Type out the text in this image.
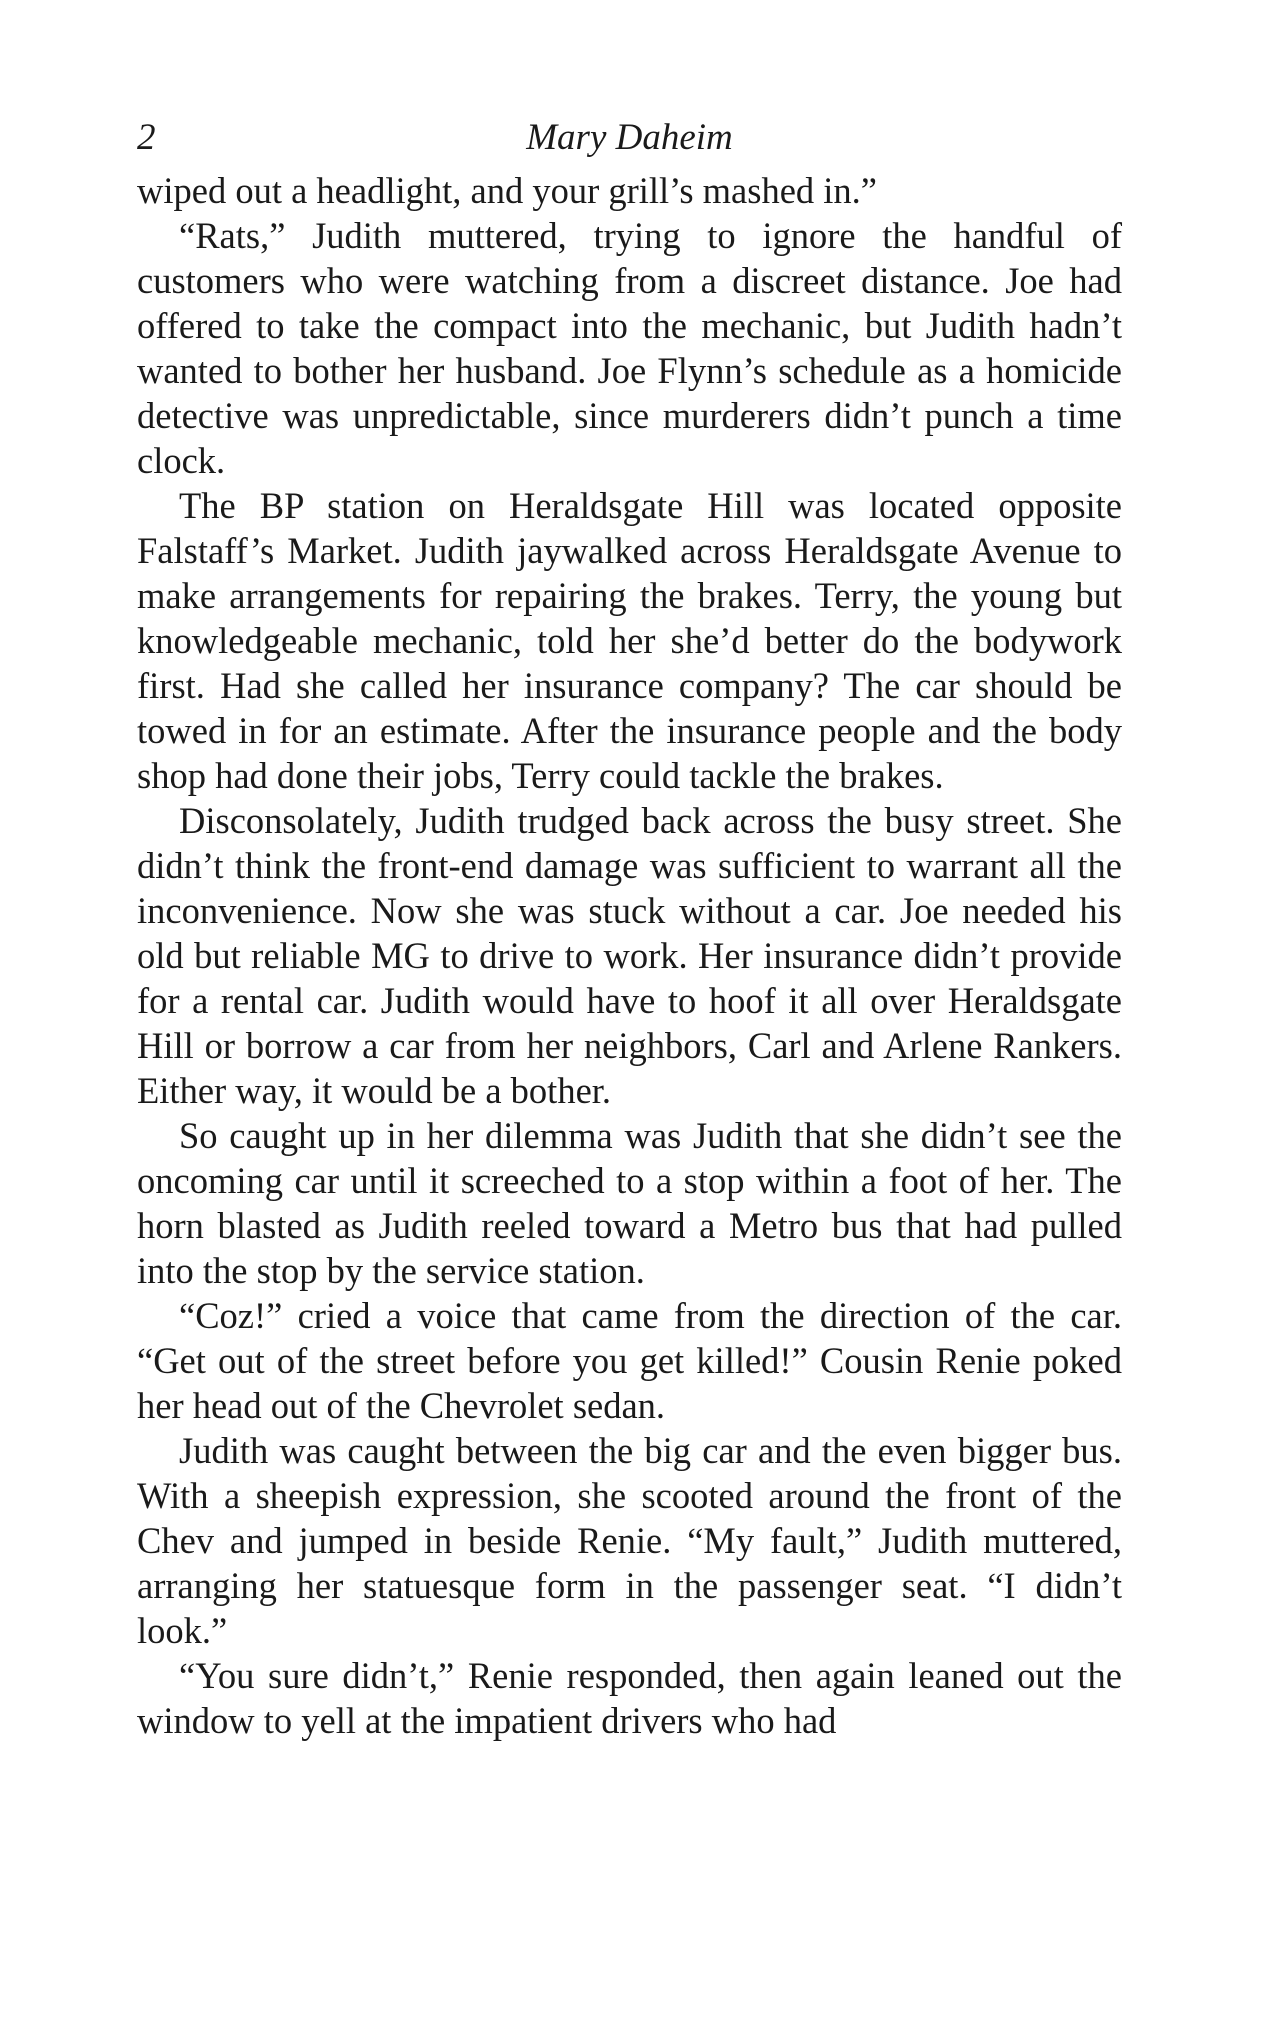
2	Mary Daheim

wiped out a headlight, and your grill’s mashed in.”

“Rats,” Judith muttered, trying to ignore the handful of customers who were watching from a discreet distance. Joe had offered to take the compact into the mechanic, but Judith hadn’t wanted to bother her husband. Joe Flynn’s schedule as a homicide detective was unpredictable, since murderers didn’t punch a time clock.

The BP station on Heraldsgate Hill was located opposite Falstaff’s Market. Judith jaywalked across Heraldsgate Avenue to make arrangements for repairing the brakes. Terry, the young but knowledgeable mechanic, told her she’d better do the bodywork first. Had she called her insurance company? The car should be towed in for an estimate. After the insurance people and the body shop had done their jobs, Terry could tackle the brakes.

Disconsolately, Judith trudged back across the busy street. She didn’t think the front-end damage was sufficient to warrant all the inconvenience. Now she was stuck without a car. Joe needed his old but reliable MG to drive to work. Her insurance didn’t provide for a rental car. Judith would have to hoof it all over Heraldsgate Hill or borrow a car from her neighbors, Carl and Arlene Rankers. Either way, it would be a bother.

So caught up in her dilemma was Judith that she didn’t see the oncoming car until it screeched to a stop within a foot of her. The horn blasted as Judith reeled toward a Metro bus that had pulled into the stop by the service station.

“Coz!” cried a voice that came from the direction of the car. “Get out of the street before you get killed!” Cousin Renie poked her head out of the Chevrolet sedan.

Judith was caught between the big car and the even bigger bus. With a sheepish expression, she scooted around the front of the Chev and jumped in beside Renie. “My fault,” Judith muttered, arranging her statuesque form in the passenger seat. “I didn’t look.”

“You sure didn’t,” Renie responded, then again leaned out the window to yell at the impatient drivers who had
